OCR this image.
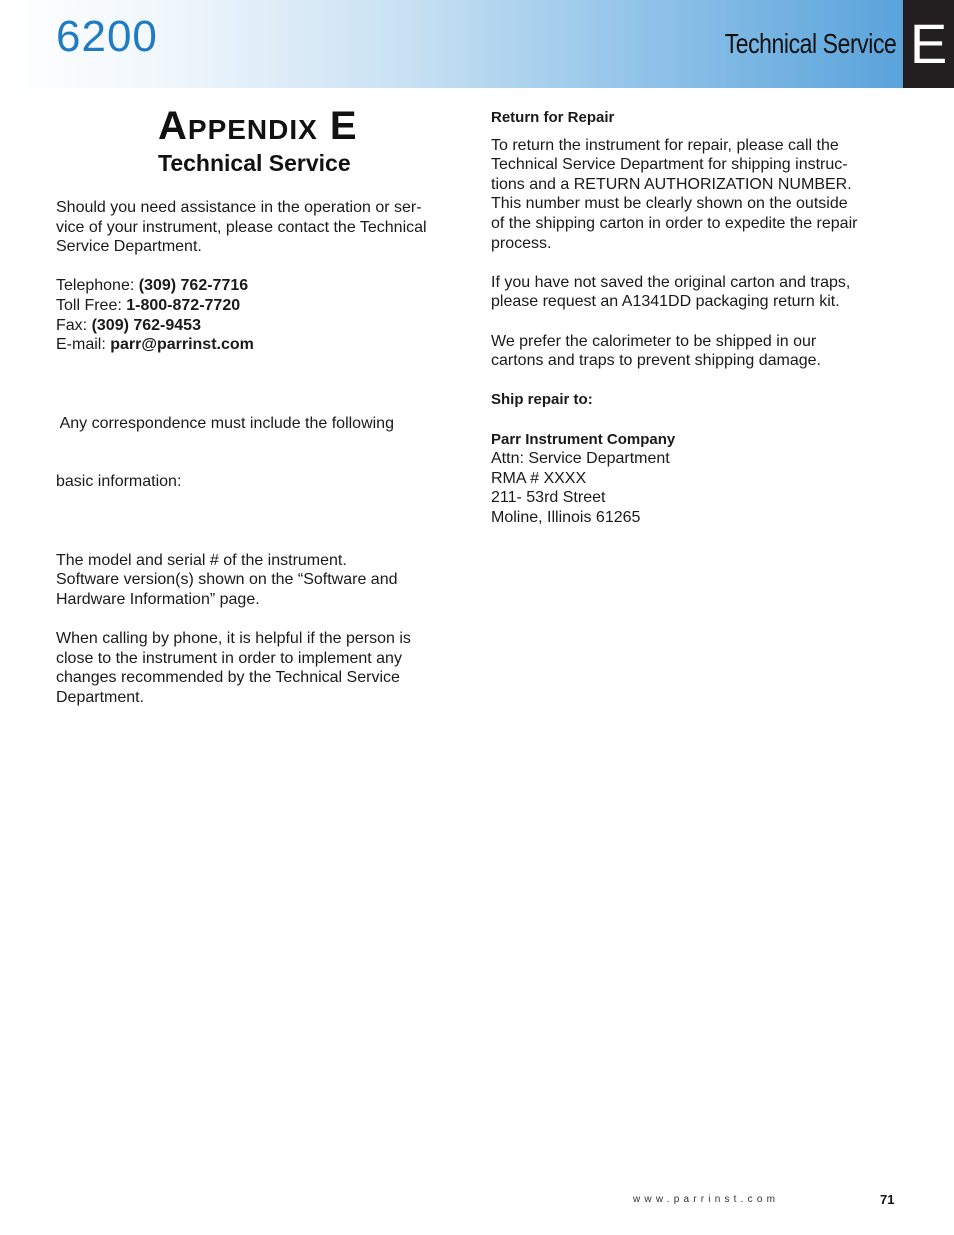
6200	Technical Service E
Appendix E
Technical Service

Should you need assistance in the operation or ser-
vice of your instrument, please contact the Technical
Service Department.

Telephone: (309) 762-7716
Toll Free: 1-800-872-7720
Fax: (309) 762-9453
E-mail: parr@parrinst.com

Any correspondence must include the following

basic information:

The model and serial # of the instrument.
Software version(s) shown on the “Software and
Hardware Information” page.

When calling by phone, it is helpful if the person is
close to the instrument in order to implement any
changes recommended by the Technical Service
Department.

Return for Repair

To return the instrument for repair, please call the
Technical Service Department for shipping instruc-
tions and a RETURN AUTHORIZATION NUMBER.
This number must be clearly shown on the outside
of the shipping carton in order to expedite the repair
process.

If you have not saved the original carton and traps,
please request an A1341DD packaging return kit.

We prefer the calorimeter to be shipped in our
cartons and traps to prevent shipping damage.

Ship repair to:

Parr Instrument Company
Attn: Service Department
RMA # XXXX
211- 53rd Street
Moline, Illinois 61265

www.parrinst.com	71
